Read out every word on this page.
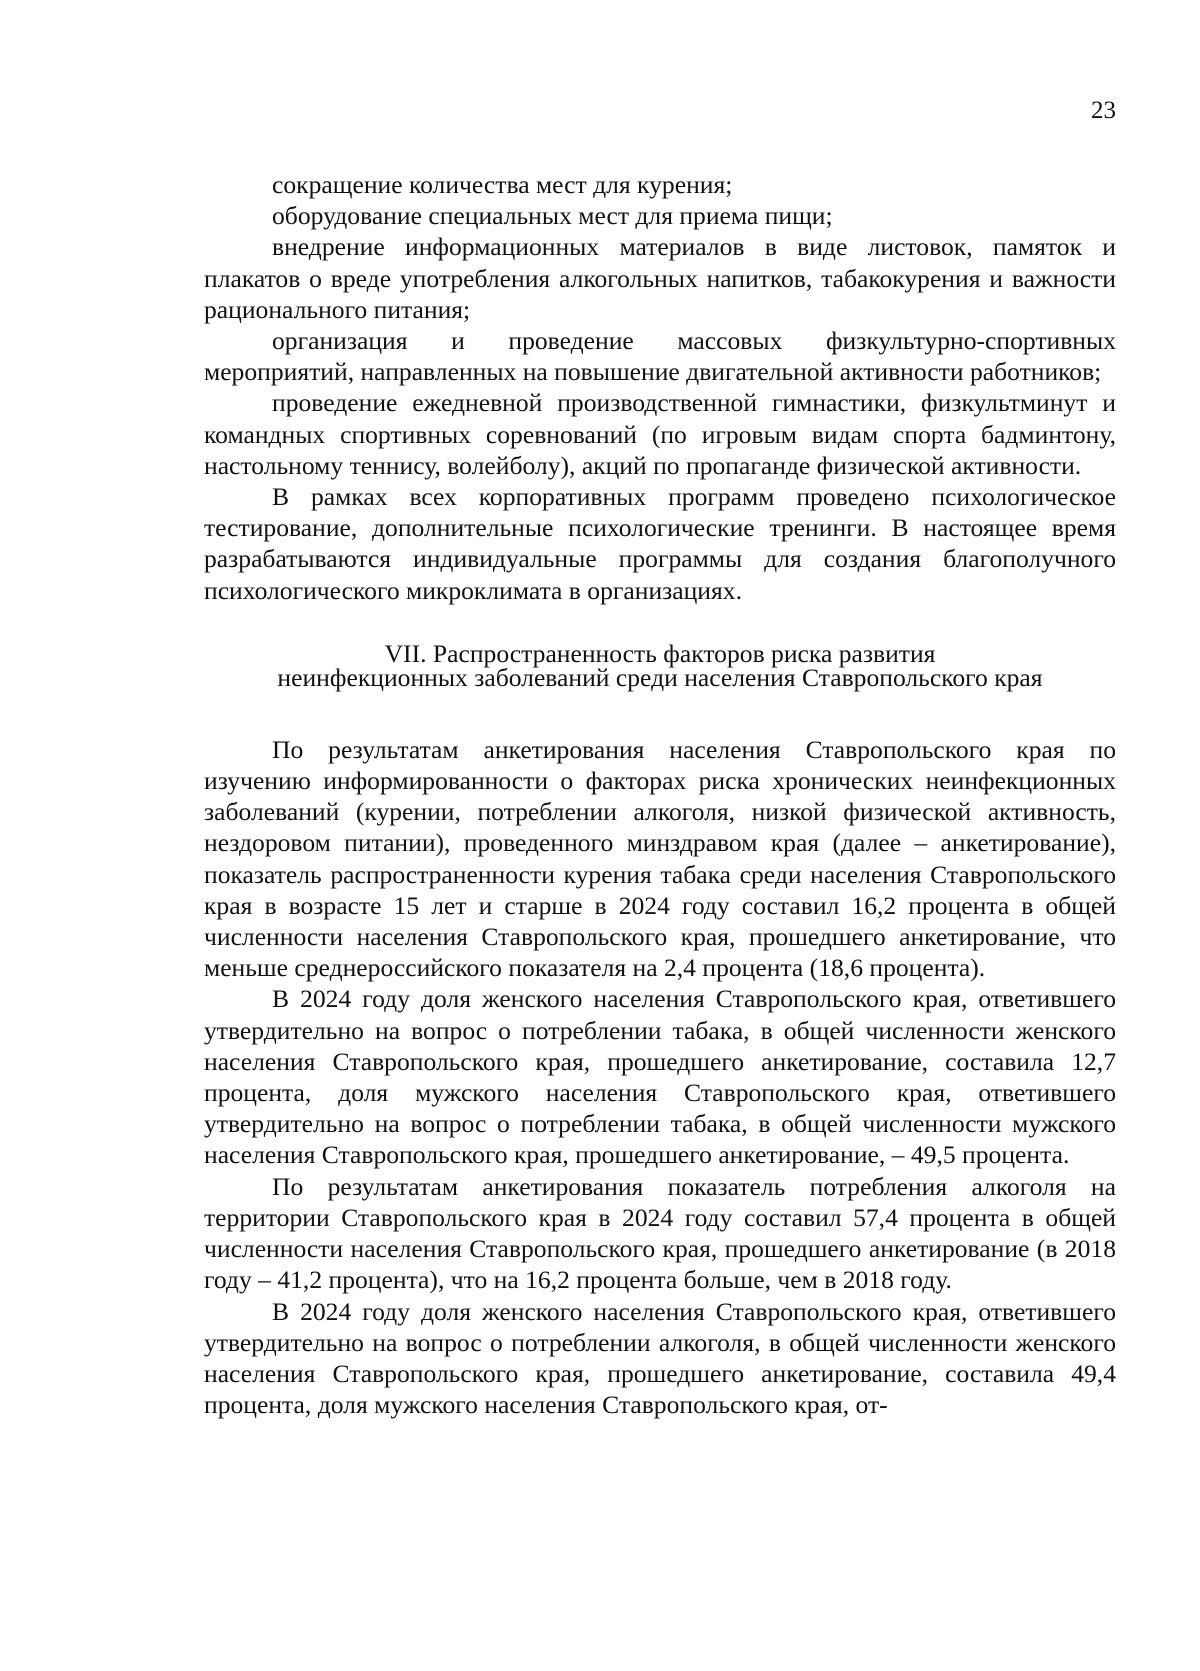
23

сокращение количества мест для курения;

оборудование специальных мест для приема пищи;

внедрение информационных материалов в виде листовок, памяток и плакатов о вреде употребления алкогольных напитков, табакокурения и важности рационального питания;

организация и проведение массовых физкультурно-спортивных мероприятий, направленных на повышение двигательной активности работников;

проведение ежедневной производственной гимнастики, физкультминут и командных спортивных соревнований (по игровым видам спорта бадминтону, настольному теннису, волейболу), акций по пропаганде физической активности.

В рамках всех корпоративных программ проведено психологическое тестирование, дополнительные психологические тренинги. В настоящее время разрабатываются индивидуальные программы для создания благополучного психологического микроклимата в организациях.

VII. Распространенность факторов риска развития
неинфекционных заболеваний среди населения Ставропольского края

По результатам анкетирования населения Ставропольского края по изучению информированности о факторах риска хронических неинфекционных заболеваний (курении, потреблении алкоголя, низкой физической активность, нездоровом питании), проведенного минздравом края (далее – анкетирование), показатель распространенности курения табака среди населения Ставропольского края в возрасте 15 лет и старше в 2024 году составил 16,2 процента в общей численности населения Ставропольского края, прошедшего анкетирование, что меньше среднероссийского показателя на 2,4 процента (18,6 процента).

В 2024 году доля женского населения Ставропольского края, ответившего утвердительно на вопрос о потреблении табака, в общей численности женского населения Ставропольского края, прошедшего анкетирование, составила 12,7 процента, доля мужского населения Ставропольского края, ответившего утвердительно на вопрос о потреблении табака, в общей численности мужского населения Ставропольского края, прошедшего анкетирование, – 49,5 процента.

По результатам анкетирования показатель потребления алкоголя на территории Ставропольского края в 2024 году составил 57,4 процента в общей численности населения Ставропольского края, прошедшего анкетирование (в 2018 году – 41,2 процента), что на 16,2 процента больше, чем в 2018 году.

В 2024 году доля женского населения Ставропольского края, ответившего утвердительно на вопрос о потреблении алкоголя, в общей численности женского населения Ставропольского края, прошедшего анкетирование, составила 49,4 процента, доля мужского населения Ставропольского края, от-
